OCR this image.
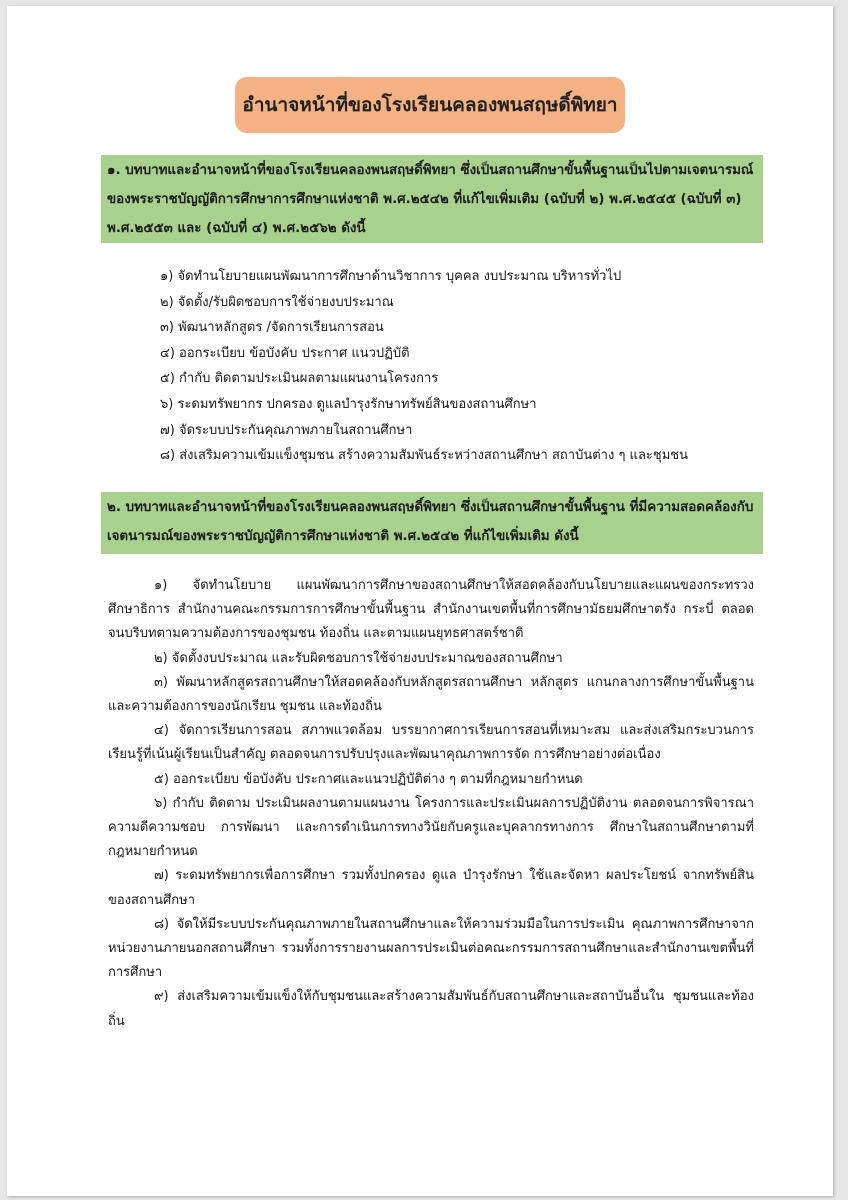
อำนาจหน้าที่ของโรงเรียนคลองพนสฤษดิ์พิทยา
๑. บทบาทและอำนาจหน้าที่ของโรงเรียนคลองพนสฤษดิ์พิทยา ซึ่งเป็นสถานศึกษาขั้นพื้นฐานเป็นไปตามเจตนารมณ์ของพระราชบัญญัติการศึกษาการศึกษาแห่งชาติ พ.ศ.๒๕๔๒ ที่แก้ไขเพิ่มเติม (ฉบับที่ ๒) พ.ศ.๒๕๔๕ (ฉบับที่ ๓) พ.ศ.๒๕๕๓ และ (ฉบับที่ ๔) พ.ศ.๒๕๖๒ ดังนี้
๑) จัดทำนโยบายแผนพัฒนาการศึกษาด้านวิชาการ บุคคล งบประมาณ บริหารทั่วไป
๒) จัดตั้ง/รับผิดชอบการใช้จ่ายงบประมาณ
๓) พัฒนาหลักสูตร /จัดการเรียนการสอน
๔) ออกระเบียบ ข้อบังคับ ประกาศ แนวปฏิบัติ
๕) กำกับ ติดตามประเมินผลตามแผนงานโครงการ
๖) ระดมทรัพยากร ปกครอง ดูแลบำรุงรักษาทรัพย์สินของสถานศึกษา
๗) จัดระบบประกันคุณภาพภายในสถานศึกษา
๘) ส่งเสริมความเข้มแข็งชุมชน สร้างความสัมพันธ์ระหว่างสถานศึกษา สถาบันต่าง ๆ และชุมชน
๒. บทบาทและอำนาจหน้าที่ของโรงเรียนคลองพนสฤษดิ์พิทยา ซึ่งเป็นสถานศึกษาขั้นพื้นฐาน ที่มีความสอดคล้องกับเจตนารมณ์ของพระราชบัญญัติการศึกษาแห่งชาติ พ.ศ.๒๕๔๒ ที่แก้ไขเพิ่มเติม ดังนี้

๑) จัดทำนโยบาย แผนพัฒนาการศึกษาของสถานศึกษาให้สอดคล้องกับนโยบายและแผนของกระทรวงศึกษาธิการ สำนักงานคณะกรรมการการศึกษาขั้นพื้นฐาน สำนักงานเขตพื้นที่การศึกษามัธยมศึกษาตรัง กระบี่ ตลอดจนบริบทตามความต้องการของชุมชน ท้องถิ่น และตามแผนยุทธศาสตร์ชาติ

๒) จัดตั้งงบประมาณ และรับผิดชอบการใช้จ่ายงบประมาณของสถานศึกษา

๓) พัฒนาหลักสูตรสถานศึกษาให้สอดคล้องกับหลักสูตรสถานศึกษา หลักสูตร แกนกลางการศึกษาขั้นพื้นฐาน และความต้องการของนักเรียน ชุมชน และท้องถิ่น

๔) จัดการเรียนการสอน สภาพแวดล้อม บรรยากาศการเรียนการสอนที่เหมาะสม และส่งเสริมกระบวนการเรียนรู้ที่เน้นผู้เรียนเป็นสำคัญ ตลอดจนการปรับปรุงและพัฒนาคุณภาพการจัด การศึกษาอย่างต่อเนื่อง

๕) ออกระเบียบ ข้อบังคับ ประกาศและแนวปฏิบัติต่าง ๆ ตามที่กฎหมายกำหนด

๖) กำกับ ติดตาม ประเมินผลงานตามแผนงาน โครงการและประเมินผลการปฏิบัติงาน ตลอดจนการพิจารณาความดีความชอบ การพัฒนา และการดำเนินการทางวินัยกับครูและบุคลากรทางการ ศึกษาในสถานศึกษาตามที่กฎหมายกำหนด

๗) ระดมทรัพยากรเพื่อการศึกษา รวมทั้งปกครอง ดูแล บำรุงรักษา ใช้และจัดหา ผลประโยชน์ จากทรัพย์สินของสถานศึกษา

๘) จัดให้มีระบบประกันคุณภาพภายในสถานศึกษาและให้ความร่วมมือในการประเมิน คุณภาพการศึกษาจากหน่วยงานภายนอกสถานศึกษา รวมทั้งการรายงานผลการประเมินต่อคณะกรรมการสถานศึกษาและสำนักงานเขตพื้นที่การศึกษา

๙) ส่งเสริมความเข้มแข็งให้กับชุมชนและสร้างความสัมพันธ์กับสถานศึกษาและสถาบันอื่นใน ชุมชนและท้องถิ่น
